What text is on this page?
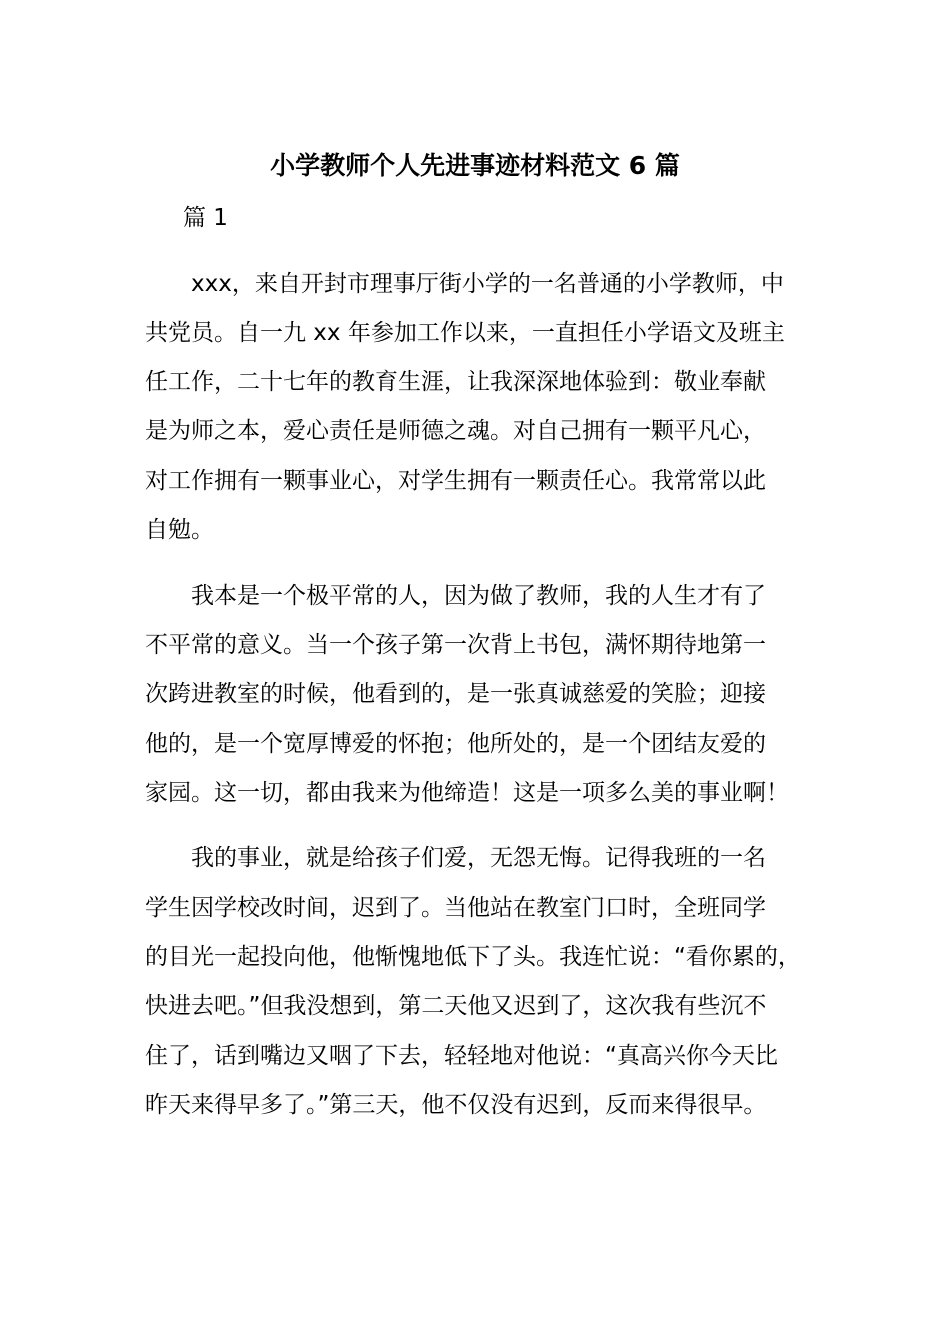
小学教师个人先进事迹材料范文 6 篇

篇 1

xxx，来自开封市理事厅街小学的一名普通的小学教师，中

共党员。自一九 xx 年参加工作以来，一直担任小学语文及班主

任工作，二十七年的教育生涯，让我深深地体验到：敬业奉献

是为师之本，爱心责任是师德之魂。对自己拥有一颗平凡心，

对工作拥有一颗事业心，对学生拥有一颗责任心。我常常以此

自勉。

我本是一个极平常的人，因为做了教师，我的人生才有了

不平常的意义。当一个孩子第一次背上书包，满怀期待地第一

次跨进教室的时候，他看到的，是一张真诚慈爱的笑脸；迎接

他的，是一个宽厚博爱的怀抱；他所处的，是一个团结友爱的

家园。这一切，都由我来为他缔造！这是一项多么美的事业啊！

我的事业，就是给孩子们爱，无怨无悔。记得我班的一名

学生因学校改时间，迟到了。当他站在教室门口时，全班同学

的目光一起投向他，他惭愧地低下了头。我连忙说：“看你累的，

快进去吧。”但我没想到，第二天他又迟到了，这次我有些沉不

住了，话到嘴边又咽了下去，轻轻地对他说：“真高兴你今天比

昨天来得早多了。”第三天，他不仅没有迟到，反而来得很早。
